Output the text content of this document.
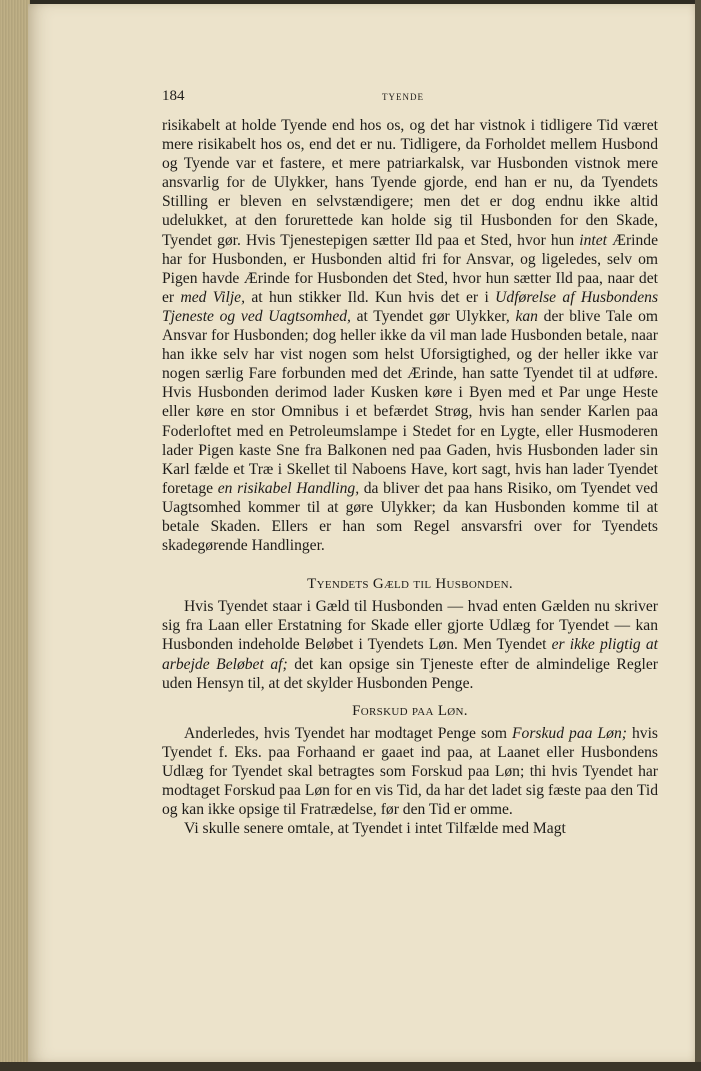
184	TYENDE

risikabelt at holde Tyende end hos os, og det har vistnok i tidligere Tid været mere risikabelt hos os, end det er nu. Tidligere, da Forholdet mellem Husbond og Tyende var et fastere, et mere patriarkalsk, var Husbonden vistnok mere ansvarlig for de Ulykker, hans Tyende gjorde, end han er nu, da Tyendets Stilling er bleven en selvstændigere; men det er dog endnu ikke altid udelukket, at den forurettede kan holde sig til Husbonden for den Skade, Tyendet gør. Hvis Tjenestepigen sætter Ild paa et Sted, hvor hun intet Ærinde har for Husbonden, er Husbonden altid fri for Ansvar, og ligeledes, selv om Pigen havde Ærinde for Husbonden det Sted, hvor hun sætter Ild paa, naar det er med Vilje, at hun stikker Ild. Kun hvis det er i Udførelse af Husbondens Tjeneste og ved Uagtsomhed, at Tyendet gør Ulykker, kan der blive Tale om Ansvar for Husbonden; dog heller ikke da vil man lade Husbonden betale, naar han ikke selv har vist nogen som helst Uforsigtighed, og der heller ikke var nogen særlig Fare forbunden med det Ærinde, han satte Tyendet til at udføre. Hvis Husbonden derimod lader Kusken køre i Byen med et Par unge Heste eller køre en stor Omnibus i et befærdet Strøg, hvis han sender Karlen paa Foderloftet med en Petroleumslampe i Stedet for en Lygte, eller Husmoderen lader Pigen kaste Sne fra Balkonen ned paa Gaden, hvis Husbonden lader sin Karl fælde et Træ i Skellet til Naboens Have, kort sagt, hvis han lader Tyendet foretage en risikabel Handling, da bliver det paa hans Risiko, om Tyendet ved Uagtsomhed kommer til at gøre Ulykker; da kan Husbonden komme til at betale Skaden. Ellers er han som Regel ansvarsfri over for Tyendets skadegørende Handlinger.

Tyendets Gæld til Husbonden.

Hvis Tyendet staar i Gæld til Husbonden — hvad enten Gælden nu skriver sig fra Laan eller Erstatning for Skade eller gjorte Udlæg for Tyendet — kan Husbonden indeholde Beløbet i Tyendets Løn. Men Tyendet er ikke pligtig at arbejde Beløbet af; det kan opsige sin Tjeneste efter de almindelige Regler uden Hensyn til, at det skylder Husbonden Penge.

Forskud paa Løn.

Anderledes, hvis Tyendet har modtaget Penge som Forskud paa Løn; hvis Tyendet f. Eks. paa Forhaand er gaaet ind paa, at Laanet eller Husbondens Udlæg for Tyendet skal betragtes som Forskud paa Løn; thi hvis Tyendet har modtaget Forskud paa Løn for en vis Tid, da har det ladet sig fæste paa den Tid og kan ikke opsige til Fratrædelse, før den Tid er omme.

Vi skulle senere omtale, at Tyendet i intet Tilfælde med Magt
